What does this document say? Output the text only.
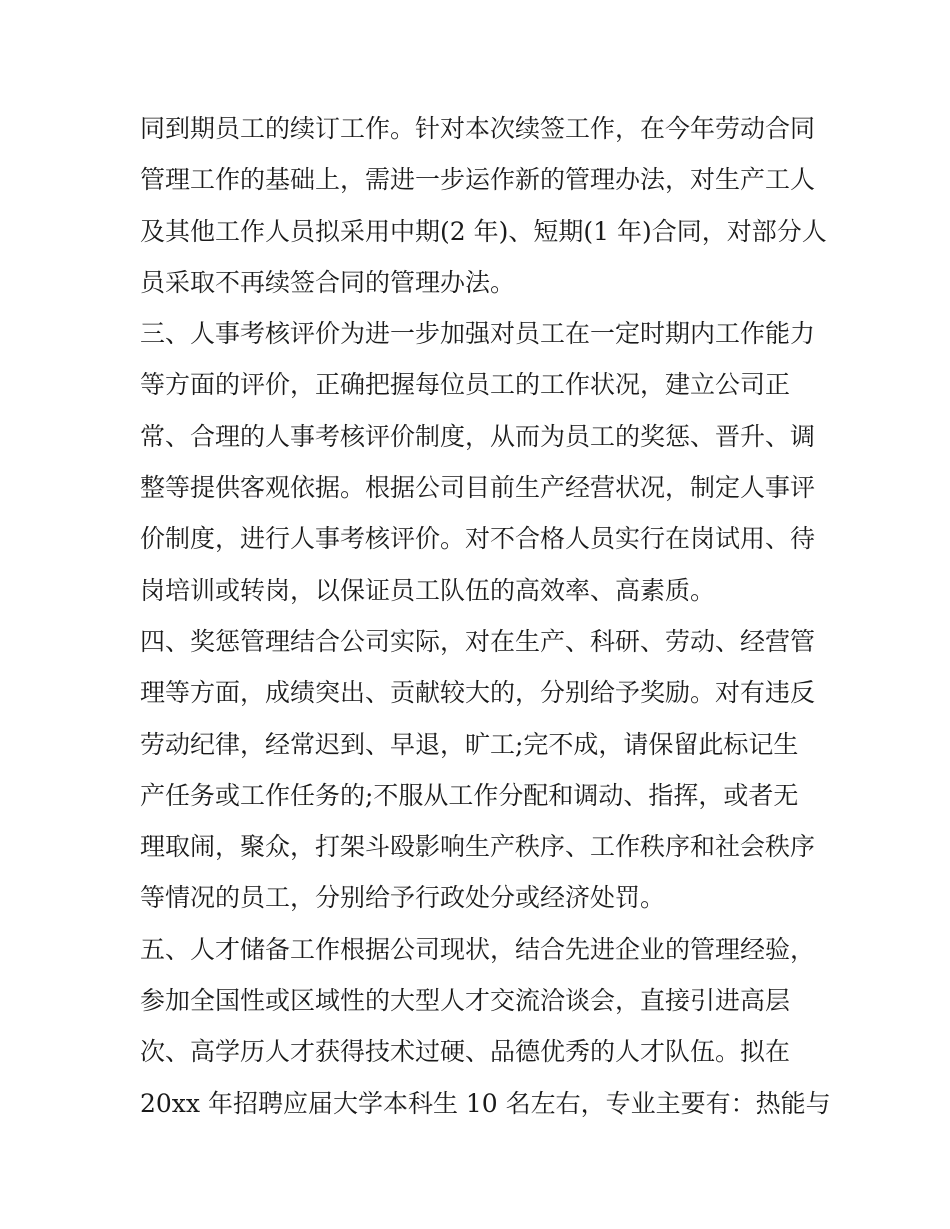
同到期员工的续订工作。针对本次续签工作，在今年劳动合同
管理工作的基础上，需进一步运作新的管理办法，对生产工人
及其他工作人员拟采用中期(2 年)、短期(1 年)合同，对部分人
员采取不再续签合同的管理办法。
三、人事考核评价为进一步加强对员工在一定时期内工作能力
等方面的评价，正确把握每位员工的工作状况，建立公司正
常、合理的人事考核评价制度，从而为员工的奖惩、晋升、调
整等提供客观依据。根据公司目前生产经营状况，制定人事评
价制度，进行人事考核评价。对不合格人员实行在岗试用、待
岗培训或转岗，以保证员工队伍的高效率、高素质。
四、奖惩管理结合公司实际，对在生产、科研、劳动、经营管
理等方面，成绩突出、贡献较大的，分别给予奖励。对有违反
劳动纪律，经常迟到、早退，旷工;完不成，请保留此标记生
产任务或工作任务的;不服从工作分配和调动、指挥，或者无
理取闹，聚众，打架斗殴影响生产秩序、工作秩序和社会秩序
等情况的员工，分别给予行政处分或经济处罚。
五、人才储备工作根据公司现状，结合先进企业的管理经验，
参加全国性或区域性的大型人才交流洽谈会，直接引进高层
次、高学历人才获得技术过硬、品德优秀的人才队伍。拟在
20xx 年招聘应届大学本科生 10 名左右，专业主要有：热能与
